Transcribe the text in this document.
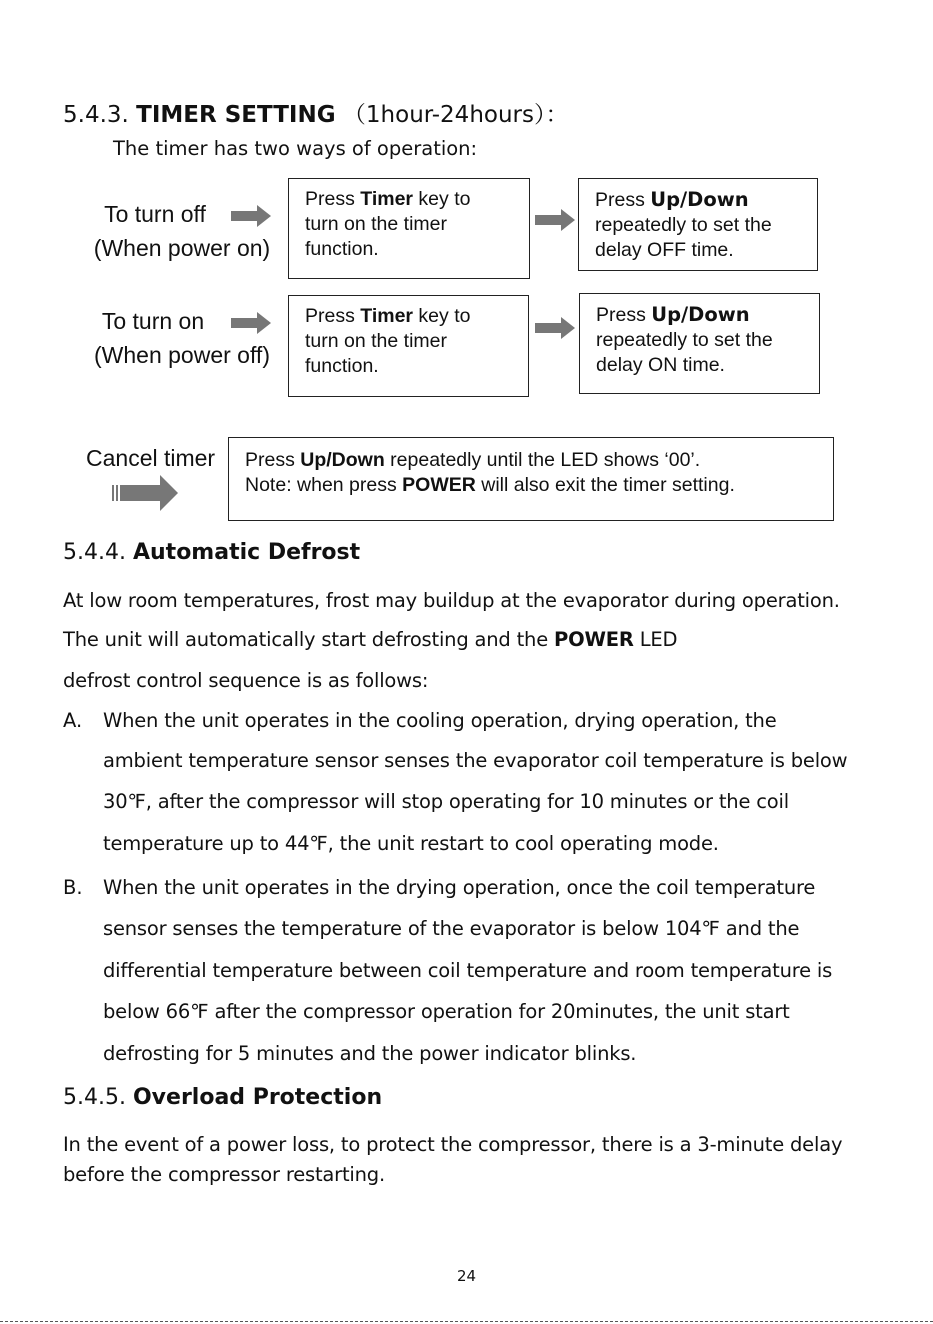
5.4.3. TIMER SETTING （1hour-24hours）：
The timer has two ways of operation:
To turn off
(When power on)
Press Timer key to
turn on the timer
function.
Press Up/Down
repeatedly to set the
delay OFF time.
To turn on
(When power off)
Press Timer key to
turn on the timer
function.
Press Up/Down
repeatedly to set the
delay ON time.
Cancel timer Press Up/Down repeatedly until the LED shows ‘00’.
Note: when press POWER will also exit the timer setting.
5.4.4. Automatic Defrost
At low room temperatures, frost may buildup at the evaporator during operation.
The unit will automatically start defrosting and the POWER LED
defrost control sequence is as follows:
A. When the unit operates in the cooling operation, drying operation, the
ambient temperature sensor senses the evaporator coil temperature is below
30℉, after the compressor will stop operating for 10 minutes or the coil
temperature up to 44℉, the unit restart to cool operating mode.
B. When the unit operates in the drying operation, once the coil temperature
sensor senses the temperature of the evaporator is below 104℉ and the
differential temperature between coil temperature and room temperature is
below 66℉ after the compressor operation for 20minutes, the unit start
defrosting for 5 minutes and the power indicator blinks.
5.4.5. Overload Protection
In the event of a power loss, to protect the compressor, there is a 3-minute delay
before the compressor restarting.
24
